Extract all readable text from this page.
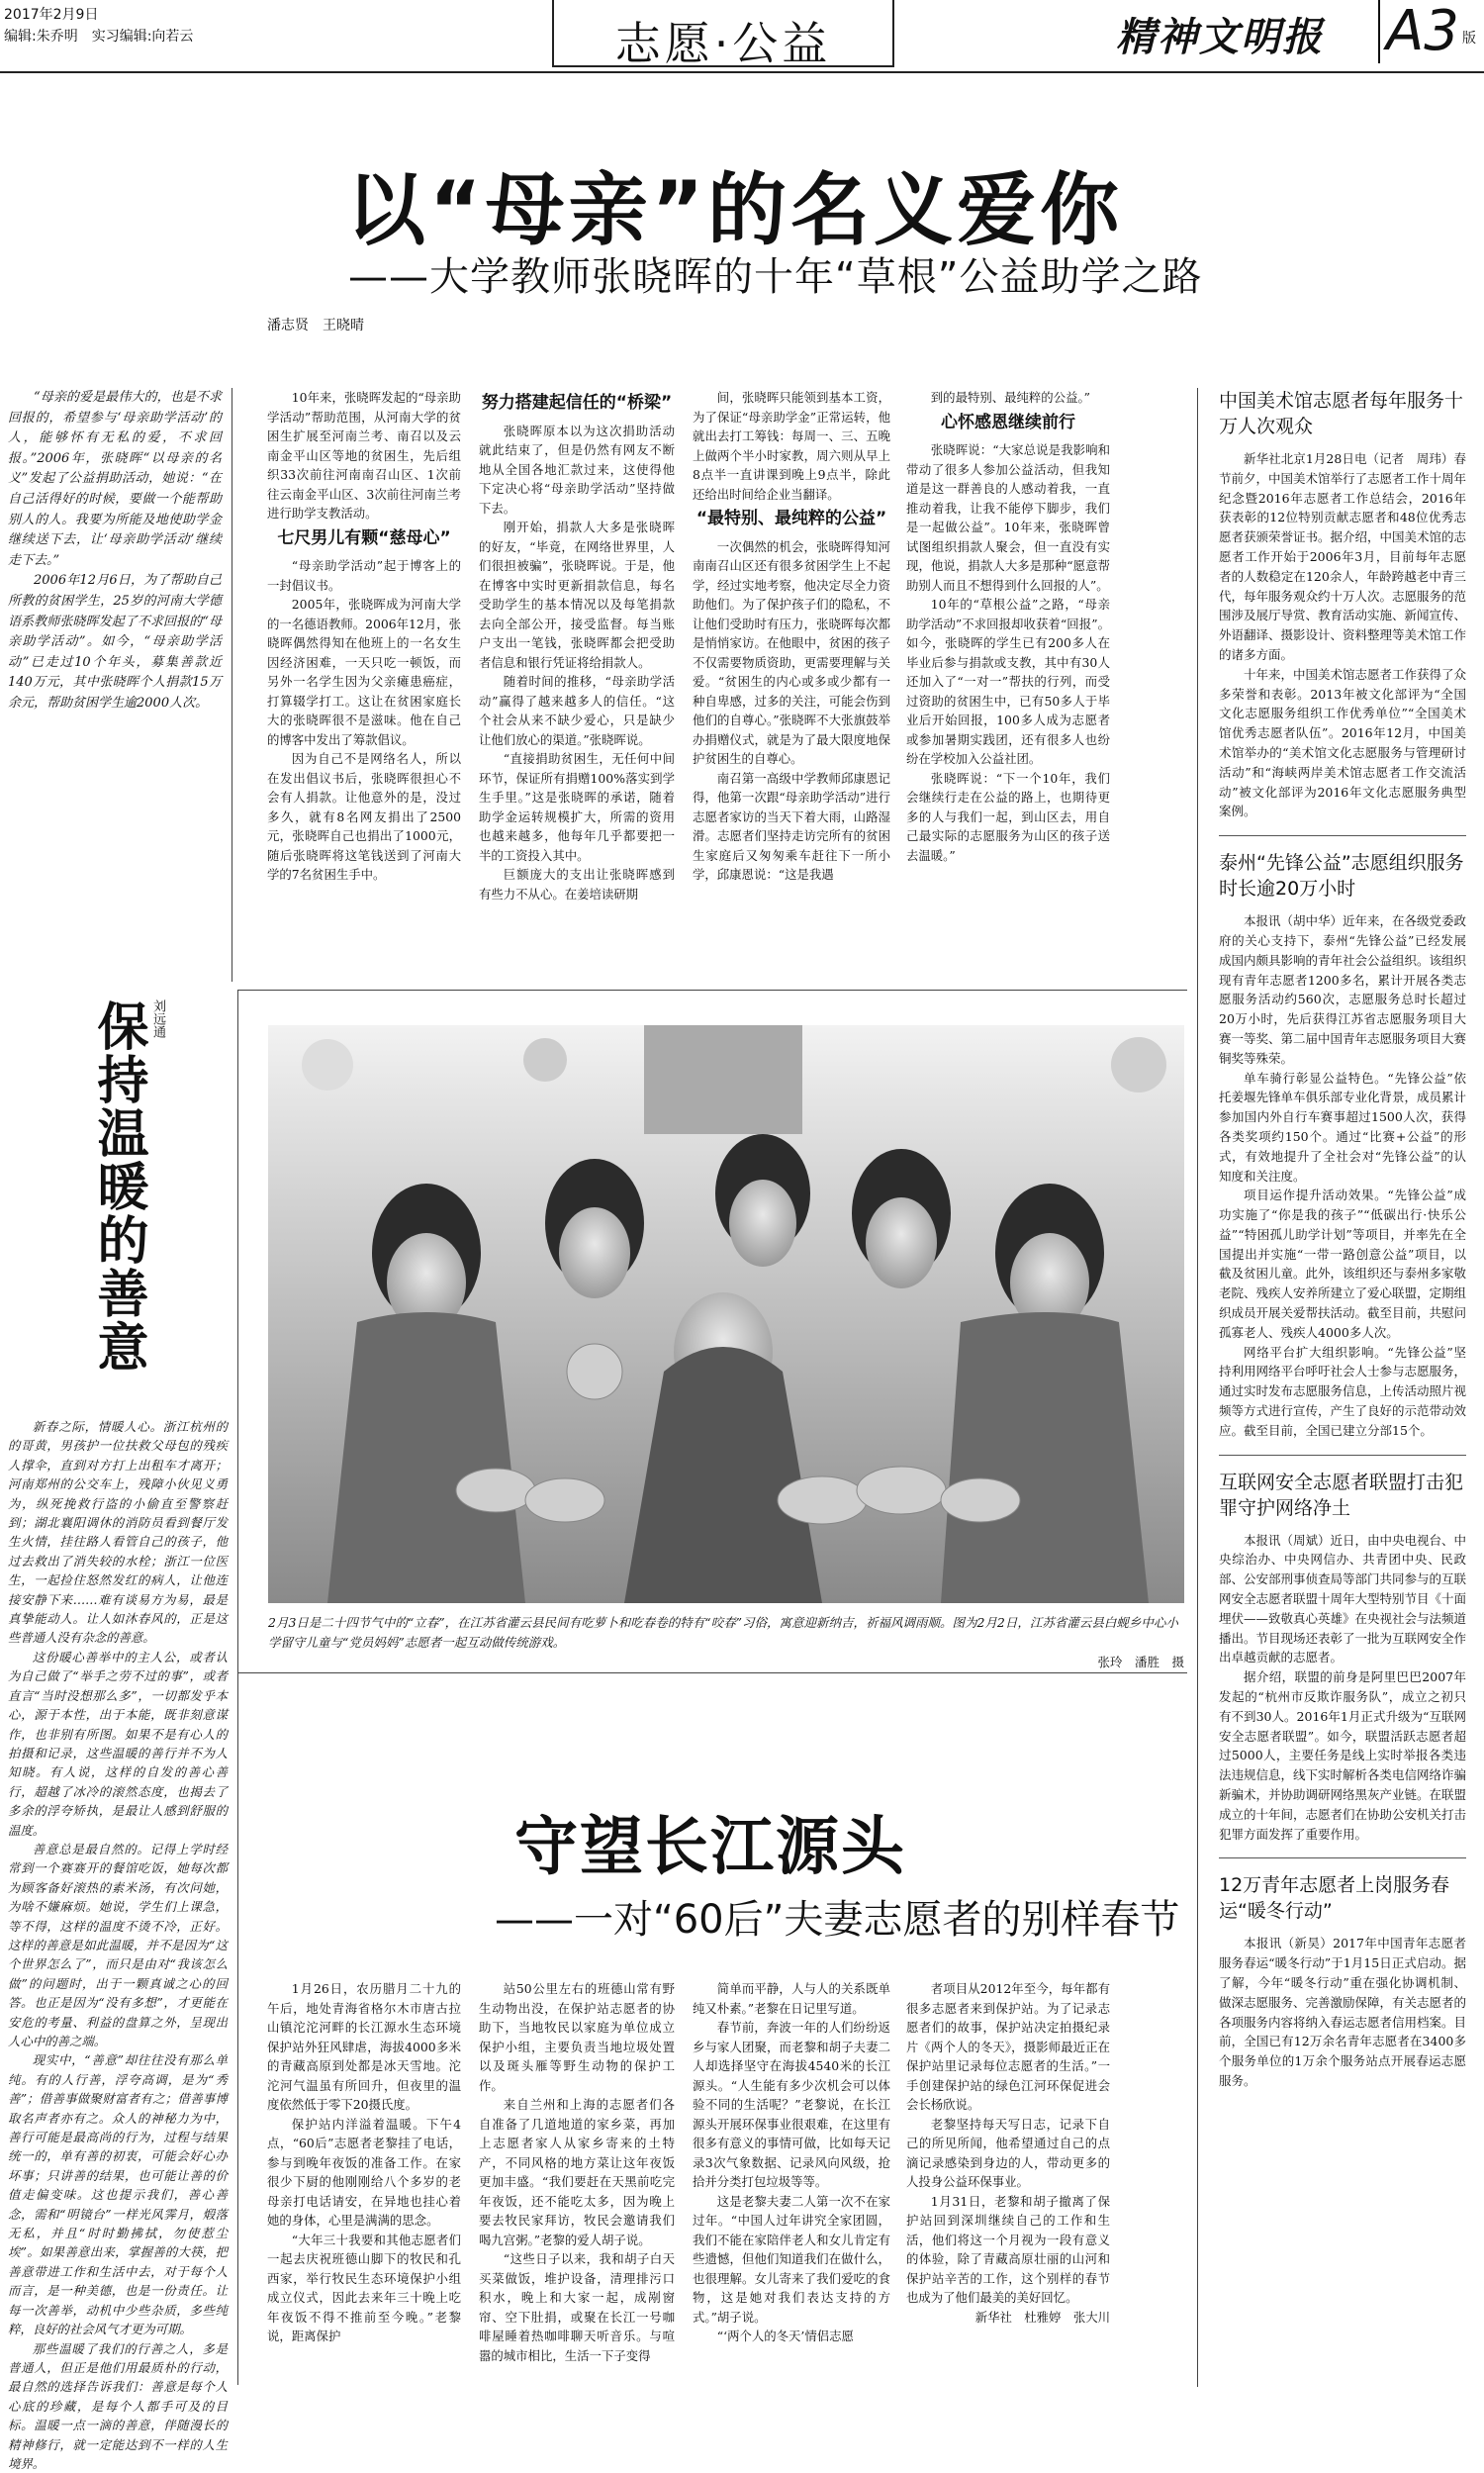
2017年2月9日
编辑:朱乔明　实习编辑:向若云	志愿·公益	精神文明报 A3 版
以“母亲”的名义爱你
——大学教师张晓晖的十年“草根”公益助学之路
潘志贤　王晓晴

“母亲的爱是最伟大的，也是不求回报的，希望参与‘母亲助学活动’的人，能够怀有无私的爱，不求回报。”2006年，张晓晖“以母亲的名义”发起了公益捐助活动，她说：“在自己活得好的时候，要做一个能帮助别人的人。我要为所能及地使助学金继续送下去，让‘母亲助学活动’继续走下去。”

2006年12月6日，为了帮助自己所教的贫困学生，25岁的河南大学德语系教师张晓晖发起了不求回报的“母亲助学活动”。如今，“母亲助学活动”已走过10个年头，募集善款近140万元，其中张晓晖个人捐款15万余元，帮助贫困学生逾2000人次。

10年来，张晓晖发起的“母亲助学活动”帮助范围，从河南大学的贫困生扩展至河南兰考、南召以及云南金平山区等地的贫困生，先后组织33次前往河南南召山区、1次前往云南金平山区、3次前往河南兰考进行助学支教活动。

七尺男儿有颗“慈母心”

“母亲助学活动”起于博客上的一封倡议书。

2005年，张晓晖成为河南大学的一名德语教师。2006年12月，张晓晖偶然得知在他班上的一名女生因经济困难，一天只吃一顿饭，而另外一名学生因为父亲瘫患癌症，打算辍学打工。这让在贫困家庭长大的张晓晖很不是滋味。他在自己的博客中发出了筹款倡议。

因为自己不是网络名人，所以在发出倡议书后，张晓晖很担心不会有人捐款。让他意外的是，没过多久，就有8名网友捐出了2500元，张晓晖自己也捐出了1000元，随后张晓晖将这笔钱送到了河南大学的7名贫困生手中。

努力搭建起信任的“桥梁”

张晓晖原本以为这次捐助活动就此结束了，但是仍然有网友不断地从全国各地汇款过来，这使得他下定决心将“母亲助学活动”坚持做下去。

刚开始，捐款人大多是张晓晖的好友，“毕竟，在网络世界里，人们很担被骗”，张晓晖说。于是，他在博客中实时更新捐款信息，每名受助学生的基本情况以及每笔捐款去向全部公开，接受监督。每当账户支出一笔钱，张晓晖都会把受助者信息和银行凭证将给捐款人。

随着时间的推移，“母亲助学活动”赢得了越来越多人的信任。“这个社会从来不缺少爱心，只是缺少让他们放心的渠道。”张晓晖说。

“直接捐助贫困生，无任何中间环节，保证所有捐赠100%落实到学生手里。”这是张晓晖的承诺，随着助学金运转规模扩大，所需的资用也越来越多，他每年几乎都要把一半的工资投入其中。

巨额庞大的支出让张晓晖感到有些力不从心。在姜培读研期

间，张晓晖只能领到基本工资，为了保证“母亲助学金”正常运转，他就出去打工筹钱：每周一、三、五晚上做两个半小时家教，周六则从早上8点半一直讲课到晚上9点半，除此还给出时间给企业当翻译。

“最特别、最纯粹的公益”

一次偶然的机会，张晓晖得知河南南召山区还有很多贫困学生上不起学，经过实地考察，他决定尽全力资助他们。为了保护孩子们的隐私，不让他们受助时有压力，张晓晖每次都是悄悄家访。在他眼中，贫困的孩子不仅需要物质资助，更需要理解与关爱。“贫困生的内心或多或少都有一种自卑感，过多的关注，可能会伤到他们的自尊心。”张晓晖不大张旗鼓举办捐赠仪式，就是为了最大限度地保护贫困生的自尊心。

南召第一高级中学教师邱康恩记得，他第一次跟“母亲助学活动”进行志愿者家访的当天下着大雨，山路湿滑。志愿者们坚持走访完所有的贫困生家庭后又匆匆乘车赶往下一所小学，邱康恩说：“这是我遇

到的最特别、最纯粹的公益。”

心怀感恩继续前行

张晓晖说：“大家总说是我影响和带动了很多人参加公益活动，但我知道是这一群善良的人感动着我，一直推动着我，让我不能停下脚步，我们是一起做公益”。10年来，张晓晖曾试图组织捐款人聚会，但一直没有实现，他说，捐款人大多是那种“愿意帮助别人而且不想得到什么回报的人”。

10年的“草根公益”之路，“母亲助学活动”不求回报却收获着“回报”。如今，张晓晖的学生已有200多人在毕业后参与捐款或支教，其中有30人还加入了“一对一”帮扶的行列，而受过资助的贫困生中，已有50多人于毕业后开始回报，100多人成为志愿者或参加暑期实践团，还有很多人也纷纷在学校加入公益社团。

张晓晖说：“下一个10年，我们会继续行走在公益的路上，也期待更多的人与我们一起，到山区去，用自己最实际的志愿服务为山区的孩子送去温暖。”

保持温暖的善意 刘远通

新春之际，情暖人心。浙江杭州的的哥黄，男孩护一位扶救父母包的残疾人撑伞，直到对方打上出租车才离开；河南郑州的公交车上，残障小伙见义勇为，纵死挽救行盗的小偷直至警察赶到；湖北襄阳调休的消防员看到餐厅发生火情，挂往路人看管自己的孩子，他过去救出了消失较的水栓；浙江一位医生，一起捡住怒然发红的病人，让他连接安静下来……难有谈易方为易，最是真挚能动人。让人如沐春风的，正是这些普通人没有杂念的善意。

这份暖心善举中的主人公，或者认为自己做了“举手之劳不过的事”，或者直言“当时没想那么多”，一切都发乎本心，源于本性，出于本能，既非刻意谋作，也非别有所图。如果不是有心人的拍摄和记录，这些温暖的善行并不为人知晓。有人说，这样的自发的善心善行，超越了冰冷的滚然态度，也揭去了多余的浮夸矫执，是最让人感到舒服的温度。

善意总是最自然的。记得上学时经常到一个赛赛开的餐馆吃饭，她每次都为顾客备好滚热的素米汤，有次问她，为啥不嫌麻烦。她说，学生们上课急，等不得，这样的温度不烫不冷，正好。这样的善意是如此温暖，并不是因为“这个世界怎么了”，而只是由对“我该怎么做”的问题时，出于一颗真诚之心的回答。也正是因为“没有多想”，才更能在安危的考量、利益的盘算之外，呈现出人心中的善之端。

现实中，“善意”却往往没有那么单纯。有的人行善，浮夸高调，是为“秀善”；借善事做聚财富者有之；借善事博取名声者亦有之。众人的神秘力为中，善行可能是最高尚的行为，过程与结果统一的，单有善的初衷，可能会好心办坏事；只讲善的结果，也可能让善的价值走偏变味。这也提示我们，善心善念，需和“明镜台”一样光风霁月，煅落无私，并且“时时勤拂拭，勿使惹尘埃”。如果善意出来，掌握善的大筷，把善意带进工作和生活中去，对于每个人而言，是一种美德，也是一份责任。让每一次善举，动机中少些杂质，多些纯粹，良好的社会风气才更为可期。

那些温暖了我们的行善之人，多是普通人，但正是他们用最质朴的行动，最自然的选择告诉我们：善意是每个人心底的珍藏，是每个人都手可及的目标。温暖一点一滴的善意，伴随漫长的精神修行，就一定能达到不一样的人生境界。

2月3日是二十四节气中的“立春”，在江苏省灌云县民间有吃萝卜和吃春卷的特有“咬春”习俗，寓意迎新纳吉，祈福风调雨顺。图为2月2日，江苏省灌云县白蚬乡中心小学留守儿童与“党员妈妈”志愿者一起互动做传统游戏。
张玲　潘胜　摄
守望长江源头
——一对“60后”夫妻志愿者的别样春节

1月26日，农历腊月二十九的午后，地处青海省格尔木市唐古拉山镇沱沱河畔的长江源水生态环境保护站外狂风肆虐，海拔4000多米的青藏高原到处都是冰天雪地。沱沱河气温虽有所回升，但夜里的温度依然低于零下20摄氏度。

保护站内洋溢着温暖。下午4点，“60后”志愿者老黎挂了电话，参与到晚年夜饭的准备工作。在家很少下厨的他刚刚给八个多岁的老母亲打电话请安，在异地也挂心着她的身体，心里是满满的思念。

“大年三十我要和其他志愿者们一起去庆祝班德山脚下的牧民和孔西家，举行牧民生态环境保护小组成立仪式，因此去来年三十晚上吃年夜饭不得不推前至今晚。”老黎说，距离保护

站50公里左右的班德山常有野生动物出没，在保护站志愿者的协助下，当地牧民以家庭为单位成立保护小组，主要负责当地垃圾处置以及斑头雁等野生动物的保护工作。

来自兰州和上海的志愿者们各自准备了几道地道的家乡菜，再加上志愿者家人从家乡寄来的土特产，不同风格的地方菜让这年夜饭更加丰盛。“我们要赶在天黑前吃完年夜饭，还不能吃太多，因为晚上要去牧民家拜访，牧民会邀请我们喝九宫粥。”老黎的爱人胡子说。

“这些日子以来，我和胡子白天买菜做饭，堆护设备，清理排污口积水，晚上和大家一起，成剐窗帘、空下肚捐，或聚在长江一号咖啡屋睡着热咖啡聊天听音乐。与喧嚣的城市相比，生活一下子变得

简单而平静，人与人的关系既单纯又朴素。”老黎在日记里写道。

春节前，奔波一年的人们纷纷返乡与家人团聚，而老黎和胡子夫妻二人却选择坚守在海拔4540米的长江源头。“人生能有多少次机会可以体验不同的生活呢？”老黎说，在长江源头开展环保事业很艰难，在这里有很多有意义的事情可做，比如每天记录3次气象数据、记录风向风级，抢拾并分类打包垃圾等等。

这是老黎夫妻二人第一次不在家过年。“中国人过年讲究全家团圆，我们不能在家陪伴老人和女儿肯定有些遗憾，但他们知道我们在做什么，也很理解。女儿寄来了我们爱吃的食物，这是她对我们表达支持的方式。”胡子说。

“‘两个人的冬天’情侣志愿

者项目从2012年至今，每年都有很多志愿者来到保护站。为了记录志愿者们的故事，保护站决定拍摄纪录片《两个人的冬天》，摄影师最近正在保护站里记录每位志愿者的生活。”一手创建保护站的绿色江河环保促进会会长杨欣说。

老黎坚持每天写日志，记录下自己的所见所闻，他希望通过自己的点滴记录感染到身边的人，带动更多的人投身公益环保事业。

1月31日，老黎和胡子撤离了保护站回到深圳继续自己的工作和生活，他们将这一个月视为一段有意义的体验，除了青藏高原壮丽的山河和保护站辛苦的工作，这个别样的春节也成为了他们最美的美好回忆。

新华社　杜雅婷　张大川
中国美术馆志愿者每年服务十万人次观众

新华社北京1月28日电（记者　周玮）春节前夕，中国美术馆举行了志愿者工作十周年纪念暨2016年志愿者工作总结会，2016年获表彰的12位特别贡献志愿者和48位优秀志愿者获颁荣誉证书。据介绍，中国美术馆的志愿者工作开始于2006年3月，目前每年志愿者的人数稳定在120余人，年龄跨越老中青三代，每年服务观众约十万人次。志愿服务的范围涉及展厅导赏、教育活动实施、新闻宣传、外语翻译、摄影设计、资料整理等美术馆工作的诸多方面。

十年来，中国美术馆志愿者工作获得了众多荣誉和表彰。2013年被文化部评为“全国文化志愿服务组织工作优秀单位”“全国美术馆优秀志愿者队伍”。2016年12月，中国美术馆举办的“美术馆文化志愿服务与管理研讨活动”和“海峡两岸美术馆志愿者工作交流活动”被文化部评为2016年文化志愿服务典型案例。

泰州“先锋公益”志愿组织服务时长逾20万小时

本报讯（胡中华）近年来，在各级党委政府的关心支持下，泰州“先锋公益”已经发展成国内颇具影响的青年社会公益组织。该组织现有青年志愿者1200多名，累计开展各类志愿服务活动约560次，志愿服务总时长超过20万小时，先后获得江苏省志愿服务项目大赛一等奖、第二届中国青年志愿服务项目大赛铜奖等殊荣。

单车骑行彰显公益特色。“先锋公益”依托姜堰先锋单车俱乐部专业化背景，成员累计参加国内外自行车赛事超过1500人次，获得各类奖项约150个。通过“比赛+公益”的形式，有效地提升了全社会对“先锋公益”的认知度和关注度。

项目运作提升活动效果。“先锋公益”成功实施了“你是我的孩子”“低碳出行·快乐公益”“特困孤儿助学计划”等项目，并率先在全国提出并实施“一带一路创意公益”项目，以截及贫困儿童。此外，该组织还与泰州多家敬老院、残疾人安养所建立了爱心联盟，定期组织成员开展关爱帮扶活动。截至目前，共慰问孤寡老人、残疾人4000多人次。

网络平台扩大组织影响。“先锋公益”坚持利用网络平台呼吁社会人士参与志愿服务，通过实时发布志愿服务信息，上传活动照片视频等方式进行宣传，产生了良好的示范带动效应。截至目前，全国已建立分部15个。

互联网安全志愿者联盟打击犯罪守护网络净土

本报讯（周斌）近日，由中央电视台、中央综治办、中央网信办、共青团中央、民政部、公安部刑事侦查局等部门共同参与的互联网安全志愿者联盟十周年大型特别节目《十面埋伏——致敬真心英雄》在央视社会与法频道播出。节目现场还表彰了一批为互联网安全作出卓越贡献的志愿者。

据介绍，联盟的前身是阿里巴巴2007年发起的“杭州市反欺诈服务队”，成立之初只有不到30人。2016年1月正式升级为“互联网安全志愿者联盟”。如今，联盟活跃志愿者超过5000人，主要任务是线上实时举报各类违法违规信息，线下实时解析各类电信网络诈骗新骗术，并协助调研网络黑灰产业链。在联盟成立的十年间，志愿者们在协助公安机关打击犯罪方面发挥了重要作用。

12万青年志愿者上岗服务春运“暖冬行动”

本报讯（新昊）2017年中国青年志愿者服务春运“暖冬行动”于1月15日正式启动。据了解，今年“暖冬行动”重在强化协调机制、做深志愿服务、完善激励保障，有关志愿者的各项服务内容将纳入春运志愿者信用档案。目前，全国已有12万余名青年志愿者在3400多个服务单位的1万余个服务站点开展春运志愿服务。
